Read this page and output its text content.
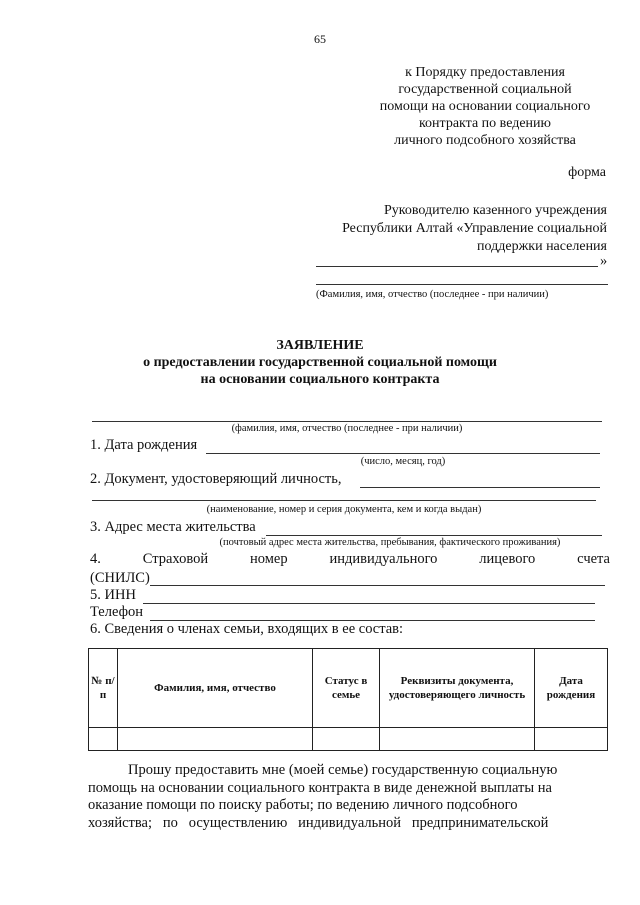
65
к Порядку предоставления
государственной социальной
помощи на основании социального
контракта по ведению
личного подсобного хозяйства
форма
Руководителю казенного учреждения
Республики Алтай «Управление социальной
поддержки населения
»
(Фамилия, имя, отчество (последнее - при наличии)
ЗАЯВЛЕНИЕ
о предоставлении государственной социальной помощи
на основании социального контракта
(фамилия, имя, отчество (последнее - при наличии)
1. Дата рождения
(число, месяц, год)
2. Документ, удостоверяющий личность,
(наименование, номер и серия документа, кем и когда выдан)
3. Адрес места жительства
(почтовый адрес места жительства, пребывания, фактического проживания)
4.	Страховой	номер	индивидуального	лицевого	счета
(СНИЛС)
5. ИНН
Телефон
6. Сведения о членах семьи, входящих в ее состав:
№ п/п	Фамилия, имя, отчество	Статус в семье	Реквизиты документа, удостоверяющего личность	Дата рождения

Прошу предоставить мне (моей семье) государственную социальную
помощь на основании социального контракта в виде денежной выплаты на
оказание помощи по поиску работы; по ведению личного подсобного
хозяйства;   по   осуществлению   индивидуальной   предпринимательской
